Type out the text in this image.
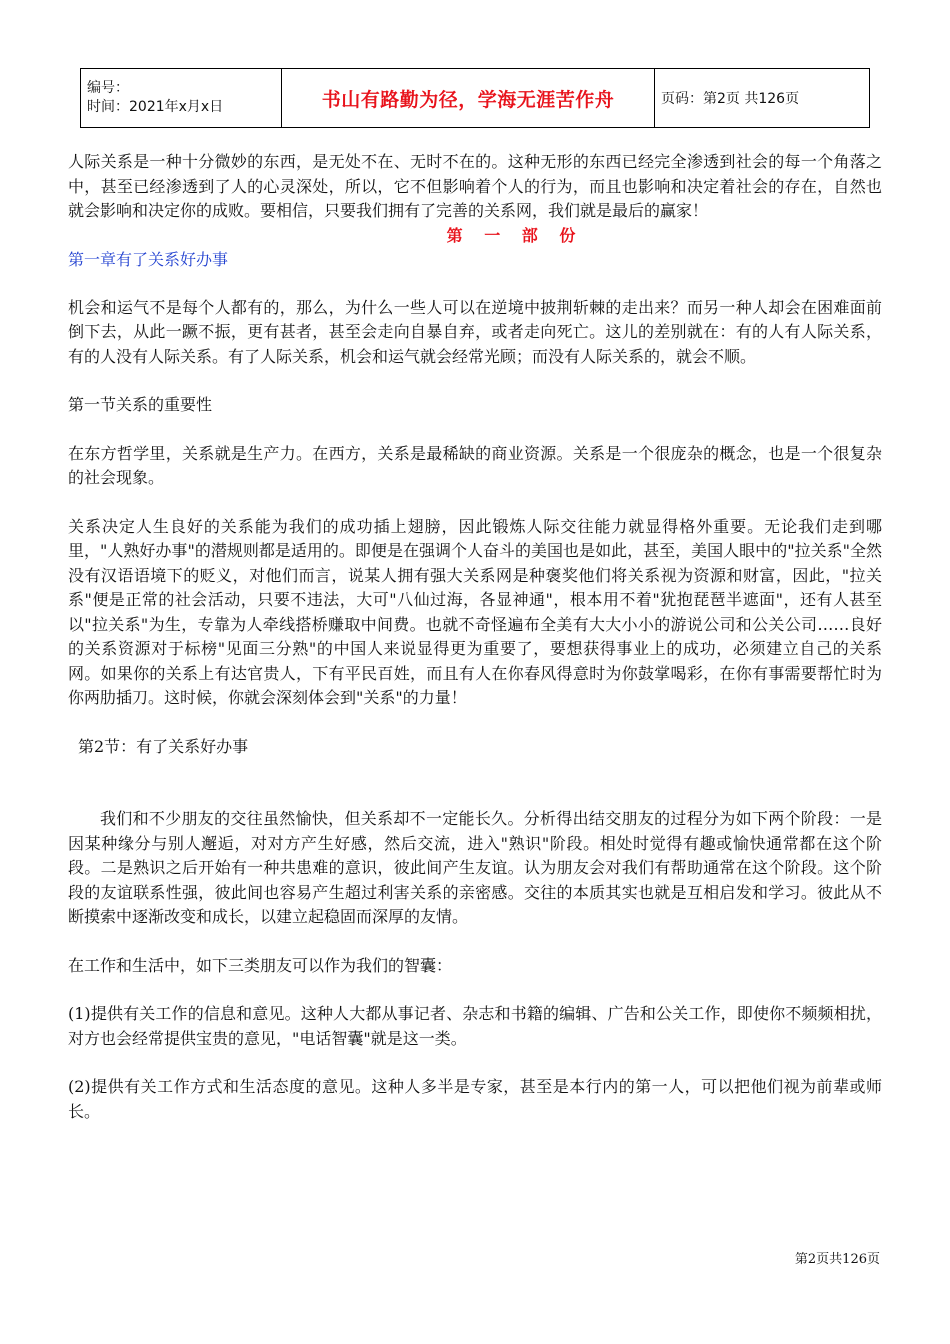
编号：
时间：2021年x月x日	书山有路勤为径，学海无涯苦作舟	页码：第2页 共126页

人际关系是一种十分微妙的东西，是无处不在、无时不在的。这种无形的东西已经完全渗透到社会的每一个角落之中，甚至已经渗透到了人的心灵深处，所以，它不但影响着个人的行为，而且也影响和决定着社会的存在，自然也就会影响和决定你的成败。要相信，只要我们拥有了完善的关系网，我们就是最后的赢家！

第 一 部 份
第一章有了关系好办事

机会和运气不是每个人都有的，那么，为什么一些人可以在逆境中披荆斩棘的走出来？而另一种人却会在困难面前倒下去，从此一蹶不振，更有甚者，甚至会走向自暴自弃，或者走向死亡。这儿的差别就在：有的人有人际关系，有的人没有人际关系。有了人际关系，机会和运气就会经常光顾；而没有人际关系的，就会不顺。

第一节关系的重要性

在东方哲学里，关系就是生产力。在西方，关系是最稀缺的商业资源。关系是一个很庞杂的概念，也是一个很复杂的社会现象。

关系决定人生良好的关系能为我们的成功插上翅膀，因此锻炼人际交往能力就显得格外重要。无论我们走到哪里，"人熟好办事"的潜规则都是适用的。即便是在强调个人奋斗的美国也是如此，甚至，美国人眼中的"拉关系"全然没有汉语语境下的贬义，对他们而言，说某人拥有强大关系网是种褒奖他们将关系视为资源和财富，因此，"拉关系"便是正常的社会活动，只要不违法，大可"八仙过海，各显神通"，根本用不着"犹抱琵琶半遮面"，还有人甚至以"拉关系"为生，专靠为人牵线搭桥赚取中间费。也就不奇怪遍布全美有大大小小的游说公司和公关公司……良好的关系资源对于标榜"见面三分熟"的中国人来说显得更为重要了，要想获得事业上的成功，必须建立自己的关系网。如果你的关系上有达官贵人，下有平民百姓，而且有人在你春风得意时为你鼓掌喝彩，在你有事需要帮忙时为你两肋插刀。这时候，你就会深刻体会到"关系"的力量！

第2节：有了关系好办事

我们和不少朋友的交往虽然愉快，但关系却不一定能长久。分析得出结交朋友的过程分为如下两个阶段：一是因某种缘分与别人邂逅，对对方产生好感，然后交流，进入"熟识"阶段。相处时觉得有趣或愉快通常都在这个阶段。二是熟识之后开始有一种共患难的意识，彼此间产生友谊。认为朋友会对我们有帮助通常在这个阶段。这个阶段的友谊联系性强，彼此间也容易产生超过利害关系的亲密感。交往的本质其实也就是互相启发和学习。彼此从不断摸索中逐渐改变和成长，以建立起稳固而深厚的友情。

在工作和生活中，如下三类朋友可以作为我们的智囊：

(1)提供有关工作的信息和意见。这种人大都从事记者、杂志和书籍的编辑、广告和公关工作，即使你不频频相扰，对方也会经常提供宝贵的意见，"电话智囊"就是这一类。

(2)提供有关工作方式和生活态度的意见。这种人多半是专家，甚至是本行内的第一人，可以把他们视为前辈或师长。

第2页共126页
